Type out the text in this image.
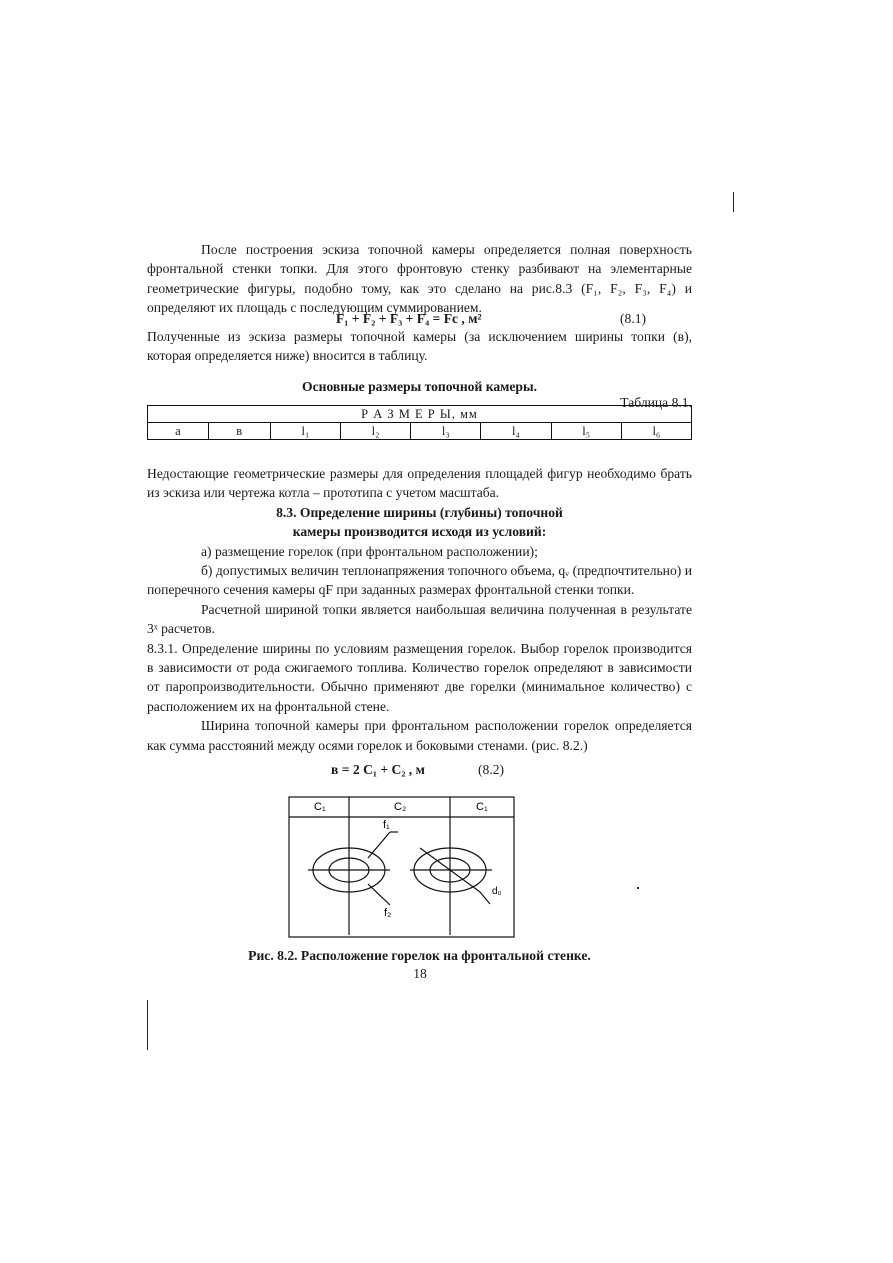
После построения эскиза топочной камеры определяется полная поверхность фронтальной стенки топки. Для этого фронтовую стенку разбивают на элементарные геометрические фигуры, подобно тому, как это сделано на рис.8.3 (F₁, F₂, F₃, F₄) и определяют их площадь с последующим суммированием.

F₁ + F₂ + F₃ + F₄ = Fс , м²	(8.1)

Полученные из эскиза размеры топочной камеры (за исключением ширины топки (в), которая определяется ниже) вносится в таблицу.

Основные размеры топочной камеры.
Таблица 8.1.
Р А З М Е Р Ы, мм
а	в	l₁	l₂	l₃	l₄	l₅	l₆

Недостающие геометрические размеры для определения площадей фигур необходимо брать из эскиза или чертежа котла – прототипа с учетом масштаба.

8.3. Определение ширины (глубины) топочной

камеры производится исходя из условий:

а) размещение горелок (при фронтальном расположении);

б) допустимых величин теплонапряжения топочного объема, qᵥ (предпочтительно) и поперечного сечения камеры qF при заданных размерах фронтальной стенки топки.

Расчетной шириной топки является наибольшая величина полученная в результате 3ˣ расчетов.

8.3.1. Определение ширины по условиям размещения горелок. Выбор горелок производится в зависимости от рода сжигаемого топлива. Количество горелок определяют в зависимости от паропроизводительности. Обычно применяют две горелки (минимальное количество) с расположением их на фронтальной стене.

Ширина топочной камеры при фронтальном расположении горелок определяется как сумма расстояний между осями горелок и боковыми стенами. (рис. 8.2.)

в = 2 C₁ + C₂ , м	(8.2)
C₁	C₂	C₁
f₁
f₂
d₀
Рис. 8.2. Расположение горелок на фронтальной стенке.
18
